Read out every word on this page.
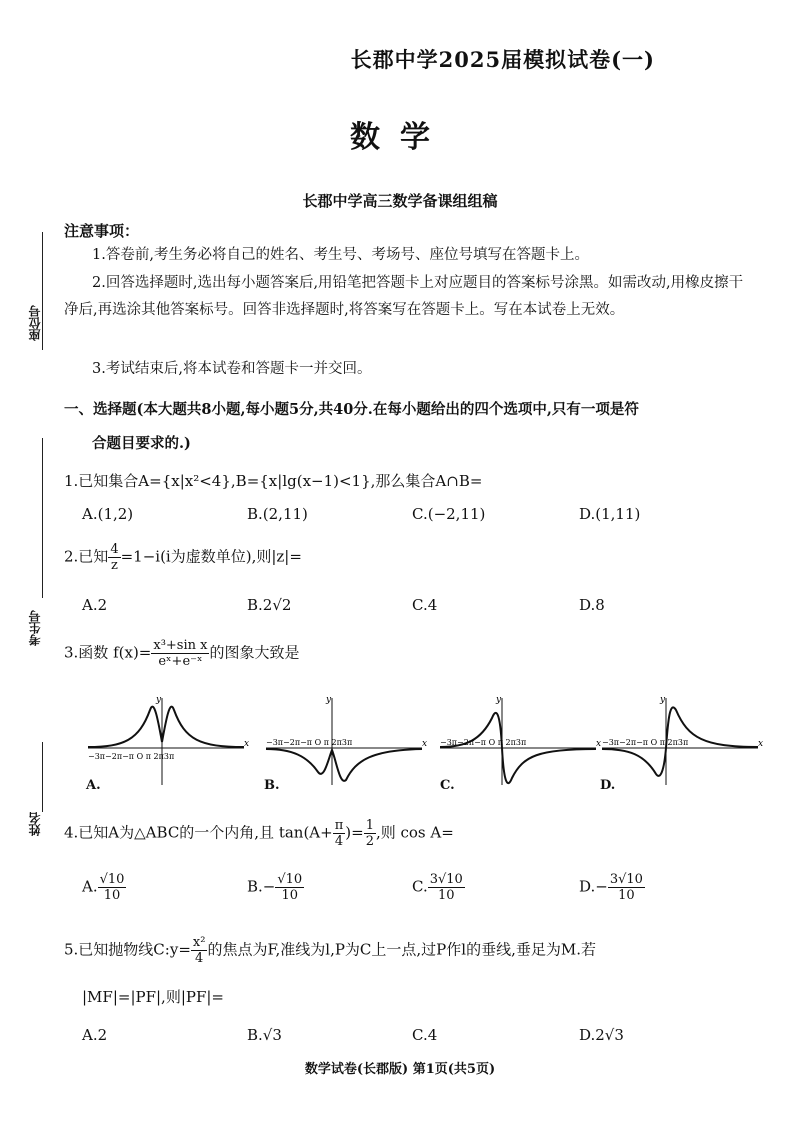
长郡中学2025届模拟试卷(一)
数学
长郡中学高三数学备课组组稿
座位号
考生号
姓名
注意事项：
1.答卷前,考生务必将自己的姓名、考生号、考场号、座位号填写在答题卡上。
2.回答选择题时,选出每小题答案后,用铅笔把答题卡上对应题目的答案标号涂黑。如需改动,用橡皮擦干净后,再选涂其他答案标号。回答非选择题时,将答案写在答题卡上。写在本试卷上无效。
3.考试结束后,将本试卷和答题卡一并交回。
一、选择题(本大题共8小题,每小题5分,共40分.在每小题给出的四个选项中,只有一项是符
合题目要求的.)
1.已知集合A={x|x²<4},B={x|lg(x−1)<1},那么集合A∩B=
A.(1,2)	B.(2,11)	C.(−2,11)	D.(1,11)
2.已知 $\frac{4}{z} =1-i(i$为虚数单位),则|z|=
A.2	B.2√2	C.4	D.8
3.函数 $f(x)= \frac{\text{x³+sin x}}{\text{eˣ+e⁻ˣ}}$ 的图象大致是
y
x
−3π−2π−π O π 2π3π
A.
y
x
−3π−2π−π O π 2π3π
B.
y
x
−3π−2π−π O π 2π3π
C.
y
x
−3π−2π−π O π 2π3π
D.
4.已知A为△ABC的一个内角,且 $\tan(A+ \frac{\pi}{4}$ )= $\frac{1}{2}$ ,则 cos A=
A. $\frac{√10}{10}$	$B.- \frac{√10}{10}$	C. $\frac{3√10}{10}$	$D.- \frac{3√10}{10}$
5.已知抛物线C:y= $\frac{\text{x²}}{4}$ 的焦点为F,准线为l,P为C上一点,过P作l的垂线,垂足为M.若
|MF|=|PF|,则|PF|=
A.2	B.√3	C.4	D.2√3
数学试卷(长郡版) 第1页(共5页)
